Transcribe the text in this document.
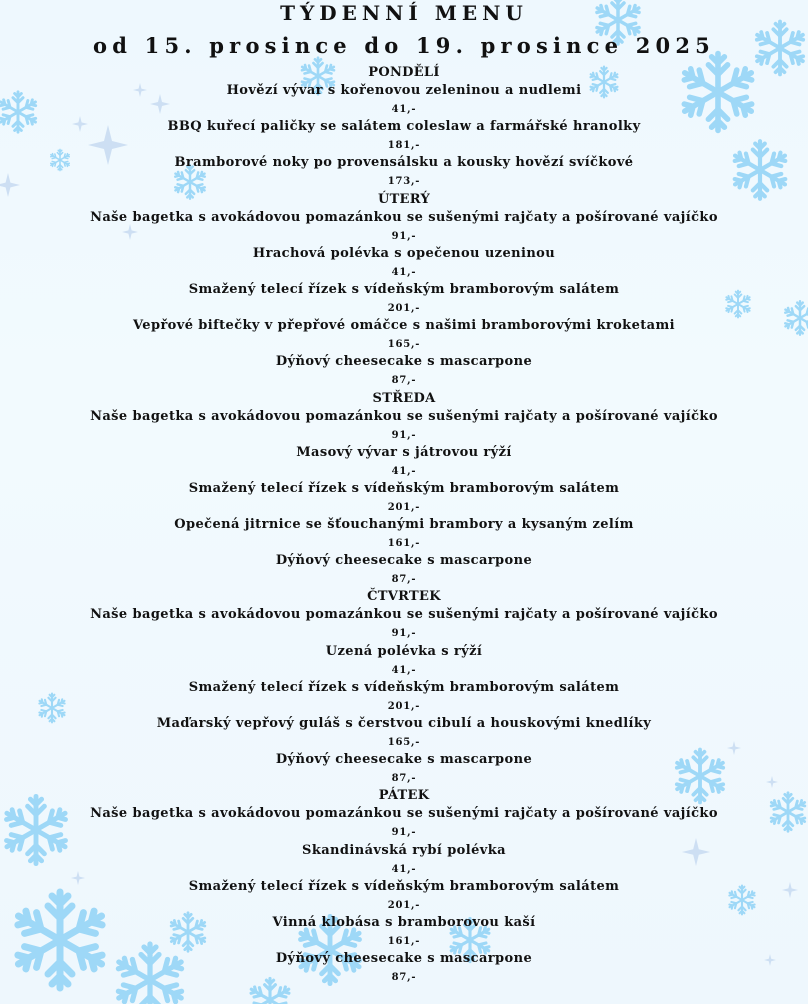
TÝDENNÍ MENU
od 15. prosince do 19. prosince 2025
PONDĚLÍ
Hovězí vývar s kořenovou zeleninou a nudlemi
41,-
BBQ kuřecí paličky se salátem coleslaw a farmářské hranolky
181,-
Bramborové noky po provensálsku a kousky hovězí svíčkové
173,-
ÚTERÝ
Naše bagetka s avokádovou pomazánkou se sušenými rajčaty a pošírované vajíčko
91,-
Hrachová polévka s opečenou uzeninou
41,-
Smažený telecí řízek s vídeňským bramborovým salátem
201,-
Vepřové biftečky v přepřové omáčce s našimi bramborovými kroketami
165,-
Dýňový cheesecake s mascarpone
87,-
STŘEDA
Naše bagetka s avokádovou pomazánkou se sušenými rajčaty a pošírované vajíčko
91,-
Masový vývar s játrovou rýží
41,-
Smažený telecí řízek s vídeňským bramborovým salátem
201,-
Opečená jitrnice se šťouchanými brambory a kysaným zelím
161,-
Dýňový cheesecake s mascarpone
87,-
ČTVRTEK
Naše bagetka s avokádovou pomazánkou se sušenými rajčaty a pošírované vajíčko
91,-
Uzená polévka s rýží
41,-
Smažený telecí řízek s vídeňským bramborovým salátem
201,-
Maďarský vepřový guláš s čerstvou cibulí a houskovými knedlíky
165,-
Dýňový cheesecake s mascarpone
87,-
PÁTEK
Naše bagetka s avokádovou pomazánkou se sušenými rajčaty a pošírované vajíčko
91,-
Skandinávská rybí polévka
41,-
Smažený telecí řízek s vídeňským bramborovým salátem
201,-
Vinná klobása s bramborovou kaší
161,-
Dýňový cheesecake s mascarpone
87,-
